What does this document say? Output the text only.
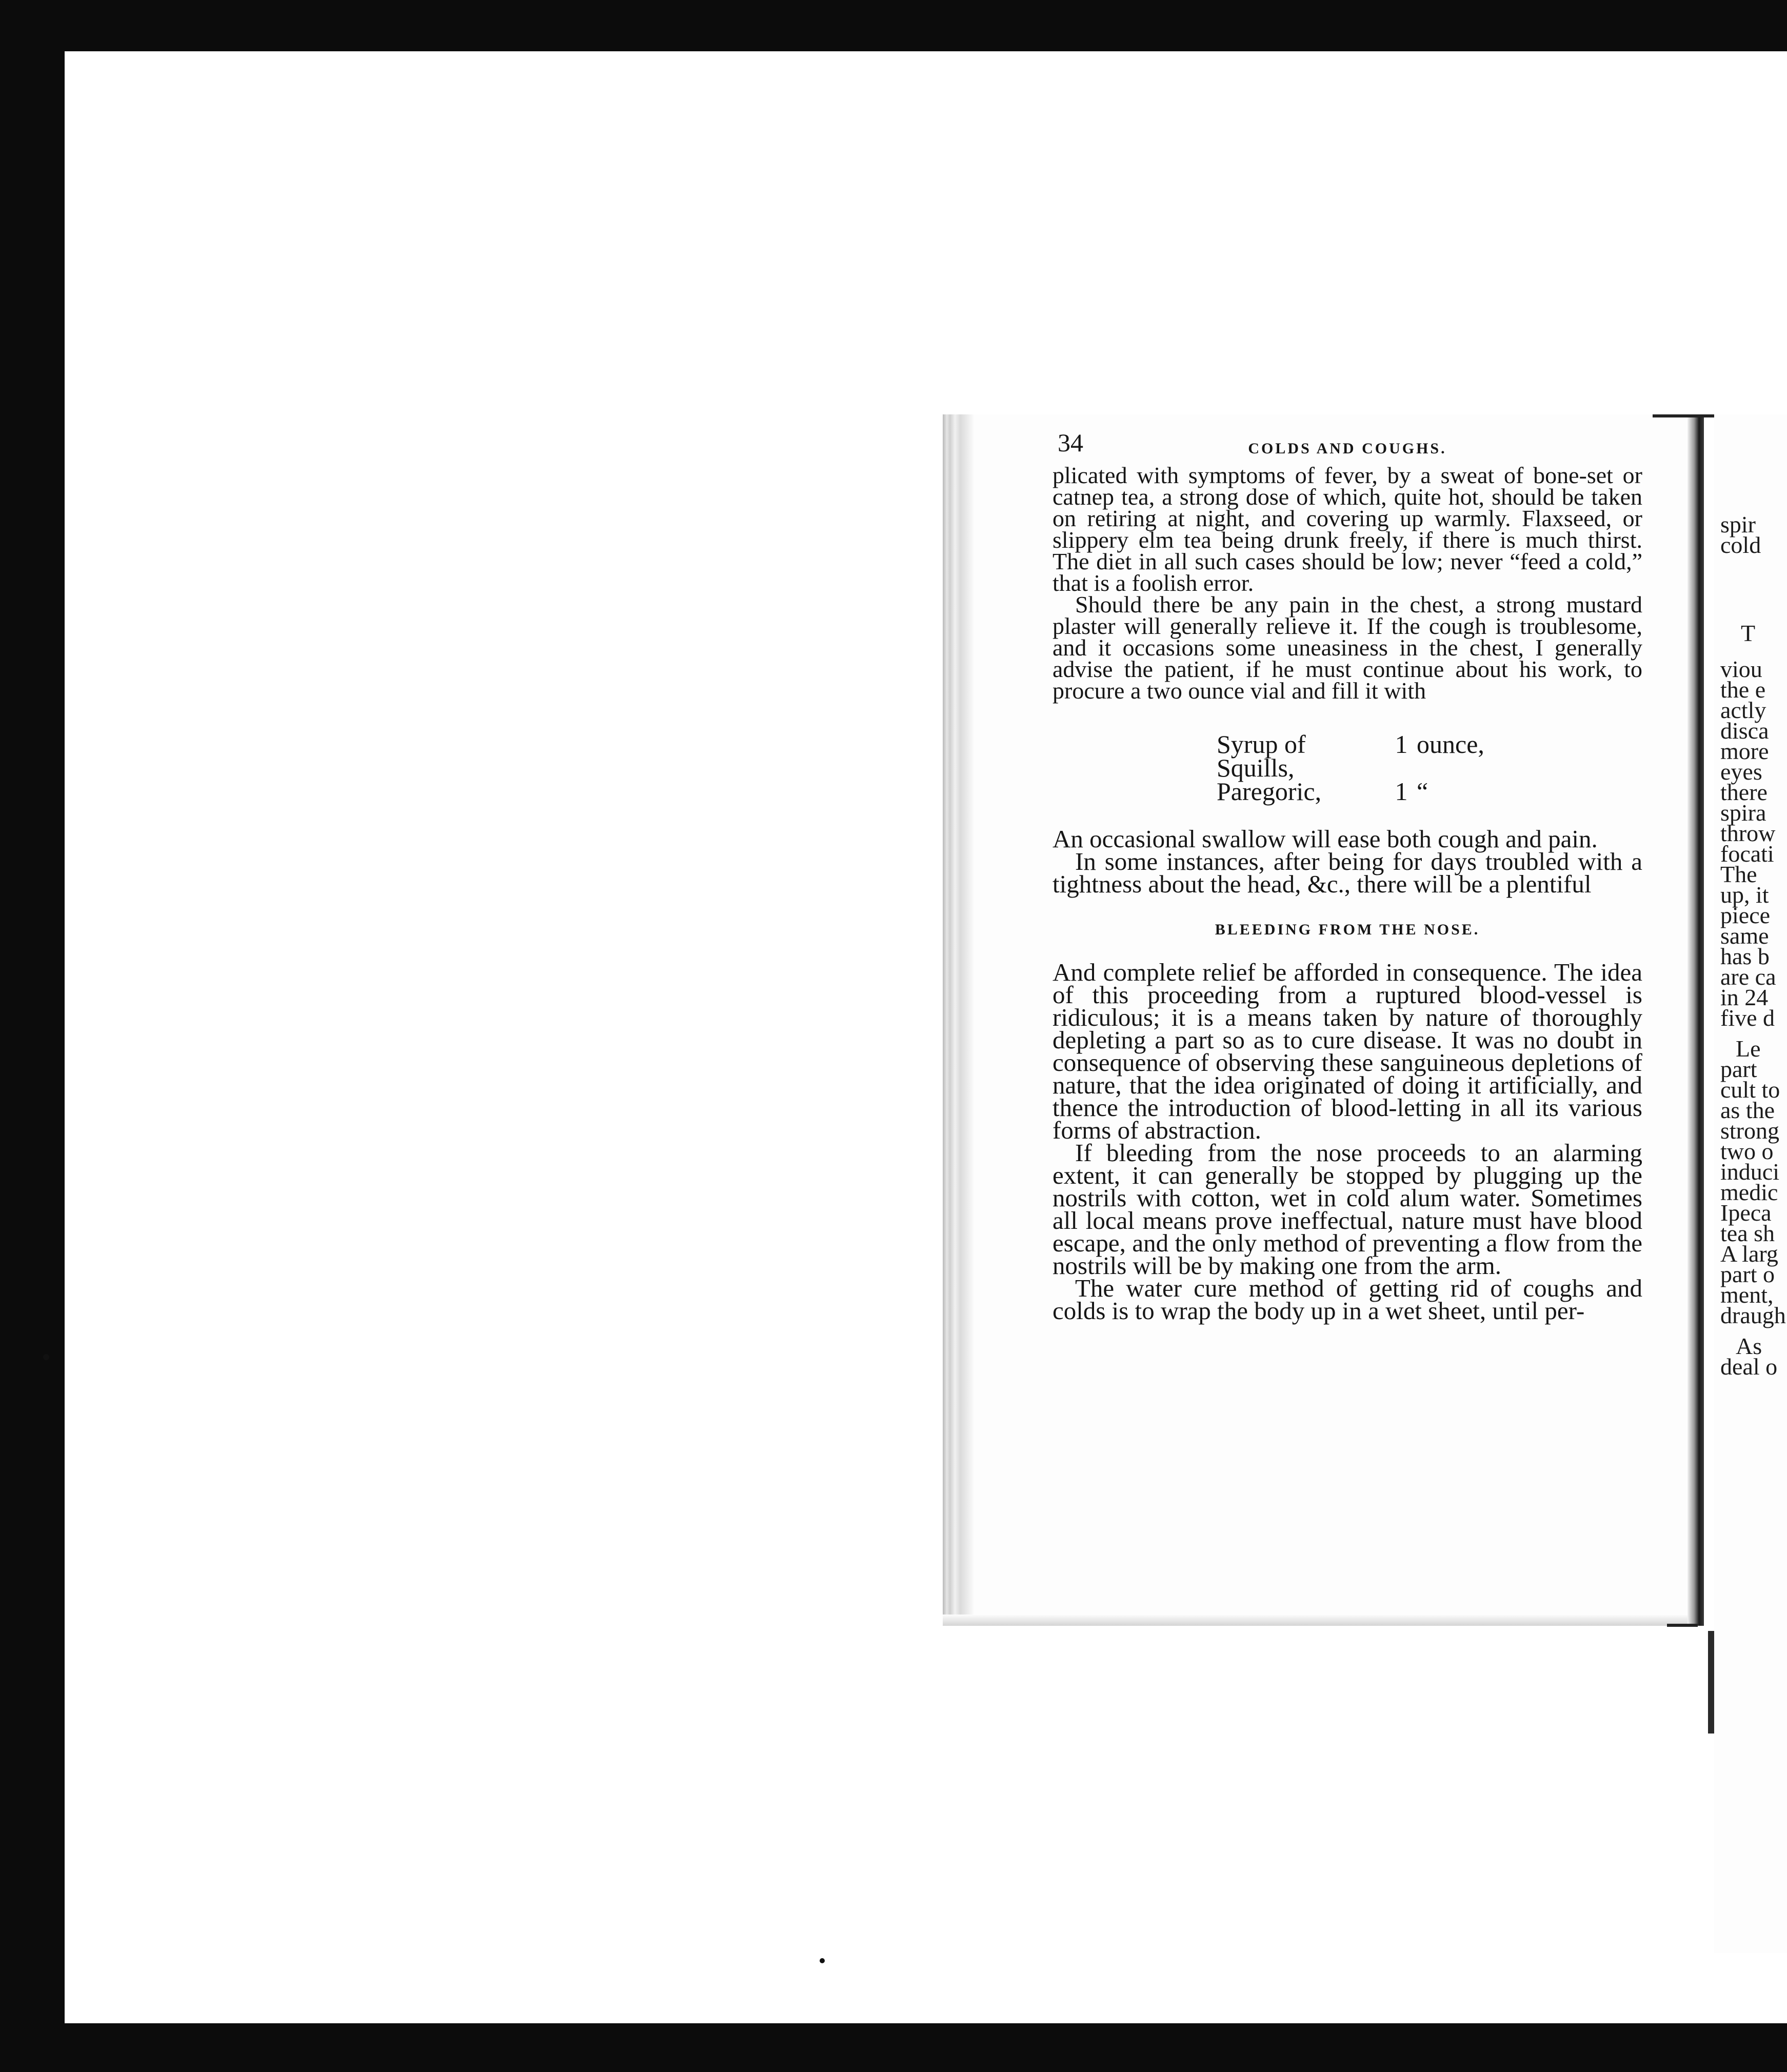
34	COLDS AND COUGHS.

plicated with symptoms of fever, by a sweat of bone-set or catnep tea, a strong dose of which, quite hot, should be taken on retiring at night, and covering up warmly. Flaxseed, or slippery elm tea being drunk freely, if there is much thirst. The diet in all such cases should be low; never “feed a cold,” that is a foolish error.

Should there be any pain in the chest, a strong mustard plaster will generally relieve it. If the cough is troublesome, and it occasions some uneasiness in the chest, I generally advise the patient, if he must continue about his work, to procure a two ounce vial and fill it with

Syrup of Squills,
1 ounce,
Paregoric,	1 “

An occasional swallow will ease both cough and pain.

In some instances, after being for days troubled with a tightness about the head, &c., there will be a plentiful

BLEEDING FROM THE NOSE.

And complete relief be afforded in consequence. The idea of this proceeding from a ruptured blood-vessel is ridiculous; it is a means taken by nature of thoroughly depleting a part so as to cure disease. It was no doubt in consequence of observing these sanguineous depletions of nature, that the idea originated of doing it artificially, and thence the introduction of blood-letting in all its various forms of abstraction.

If bleeding from the nose proceeds to an alarming extent, it can generally be stopped by plugging up the nostrils with cotton, wet in cold alum water. Sometimes all local means prove ineffectual, nature must have blood escape, and the only method of preventing a flow from the nostrils will be by making one from the arm.

The water cure method of getting rid of coughs and colds is to wrap the body up in a wet sheet, until per-

spir
cold
T
viou
the e
actly
disca
more
eyes
there
spira
throw
focati
The
up, it
piece
same
has b
are ca
in 24
five d
Le
part
cult to
as the
strong
two o
induci
medic
Ipeca
tea sh
A larg
part o
ment,
draugh
As
deal o
